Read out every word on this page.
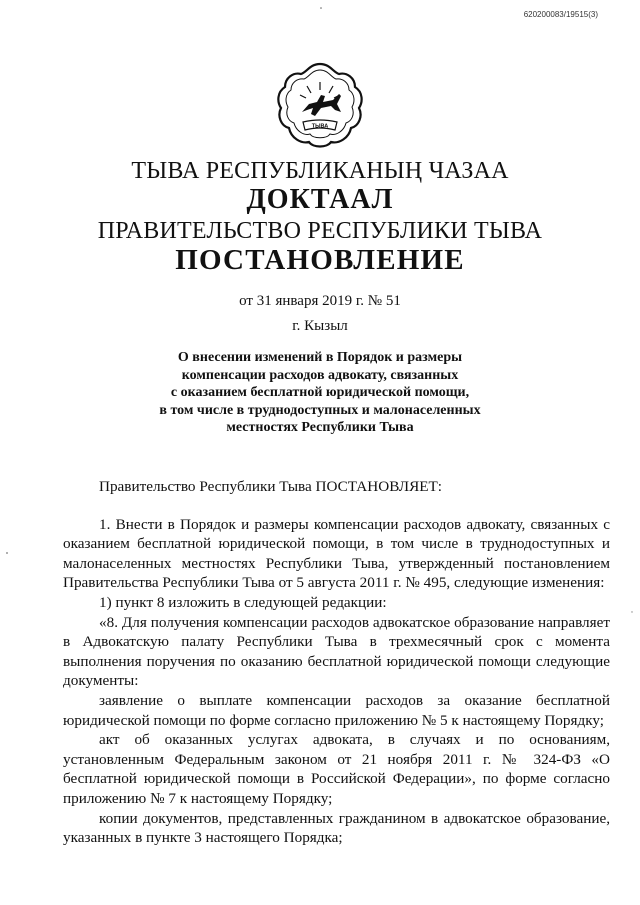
620200083/19515(3)
ТЫВА
ТЫВА РЕСПУБЛИКАНЫҢ ЧАЗАА
ДОКТААЛ
ПРАВИТЕЛЬСТВО РЕСПУБЛИКИ ТЫВА
ПОСТАНОВЛЕНИЕ
от 31 января 2019 г. № 51
г. Кызыл
О внесении изменений в Порядок и размеры
компенсации расходов адвокату, связанных
с оказанием бесплатной юридической помощи,
в том числе в труднодоступных и малонаселенных
местностях Республики Тыва

Правительство Республики Тыва ПОСТАНОВЛЯЕТ:

1. Внести в Порядок и размеры компенсации расходов адвокату, связанных с оказанием бесплатной юридической помощи, в том числе в труднодоступных и малонаселенных местностях Республики Тыва, утвержденный постановлением Правительства Республики Тыва от 5 августа 2011 г. № 495, следующие изменения:

1) пункт 8 изложить в следующей редакции:

«8. Для получения компенсации расходов адвокатское образование направляет в Адвокатскую палату Республики Тыва в трехмесячный срок с момента выполнения поручения по оказанию бесплатной юридической помощи следующие документы:

заявление о выплате компенсации расходов за оказание бесплатной юридической помощи по форме согласно приложению № 5 к настоящему Порядку;

акт об оказанных услугах адвоката, в случаях и по основаниям, установленным Федеральным законом от 21 ноября 2011 г. № 324-ФЗ «О бесплатной юридической помощи в Российской Федерации», по форме согласно приложению № 7 к настоящему Порядку;

копии документов, представленных гражданином в адвокатское образование, указанных в пункте 3 настоящего Порядка;
